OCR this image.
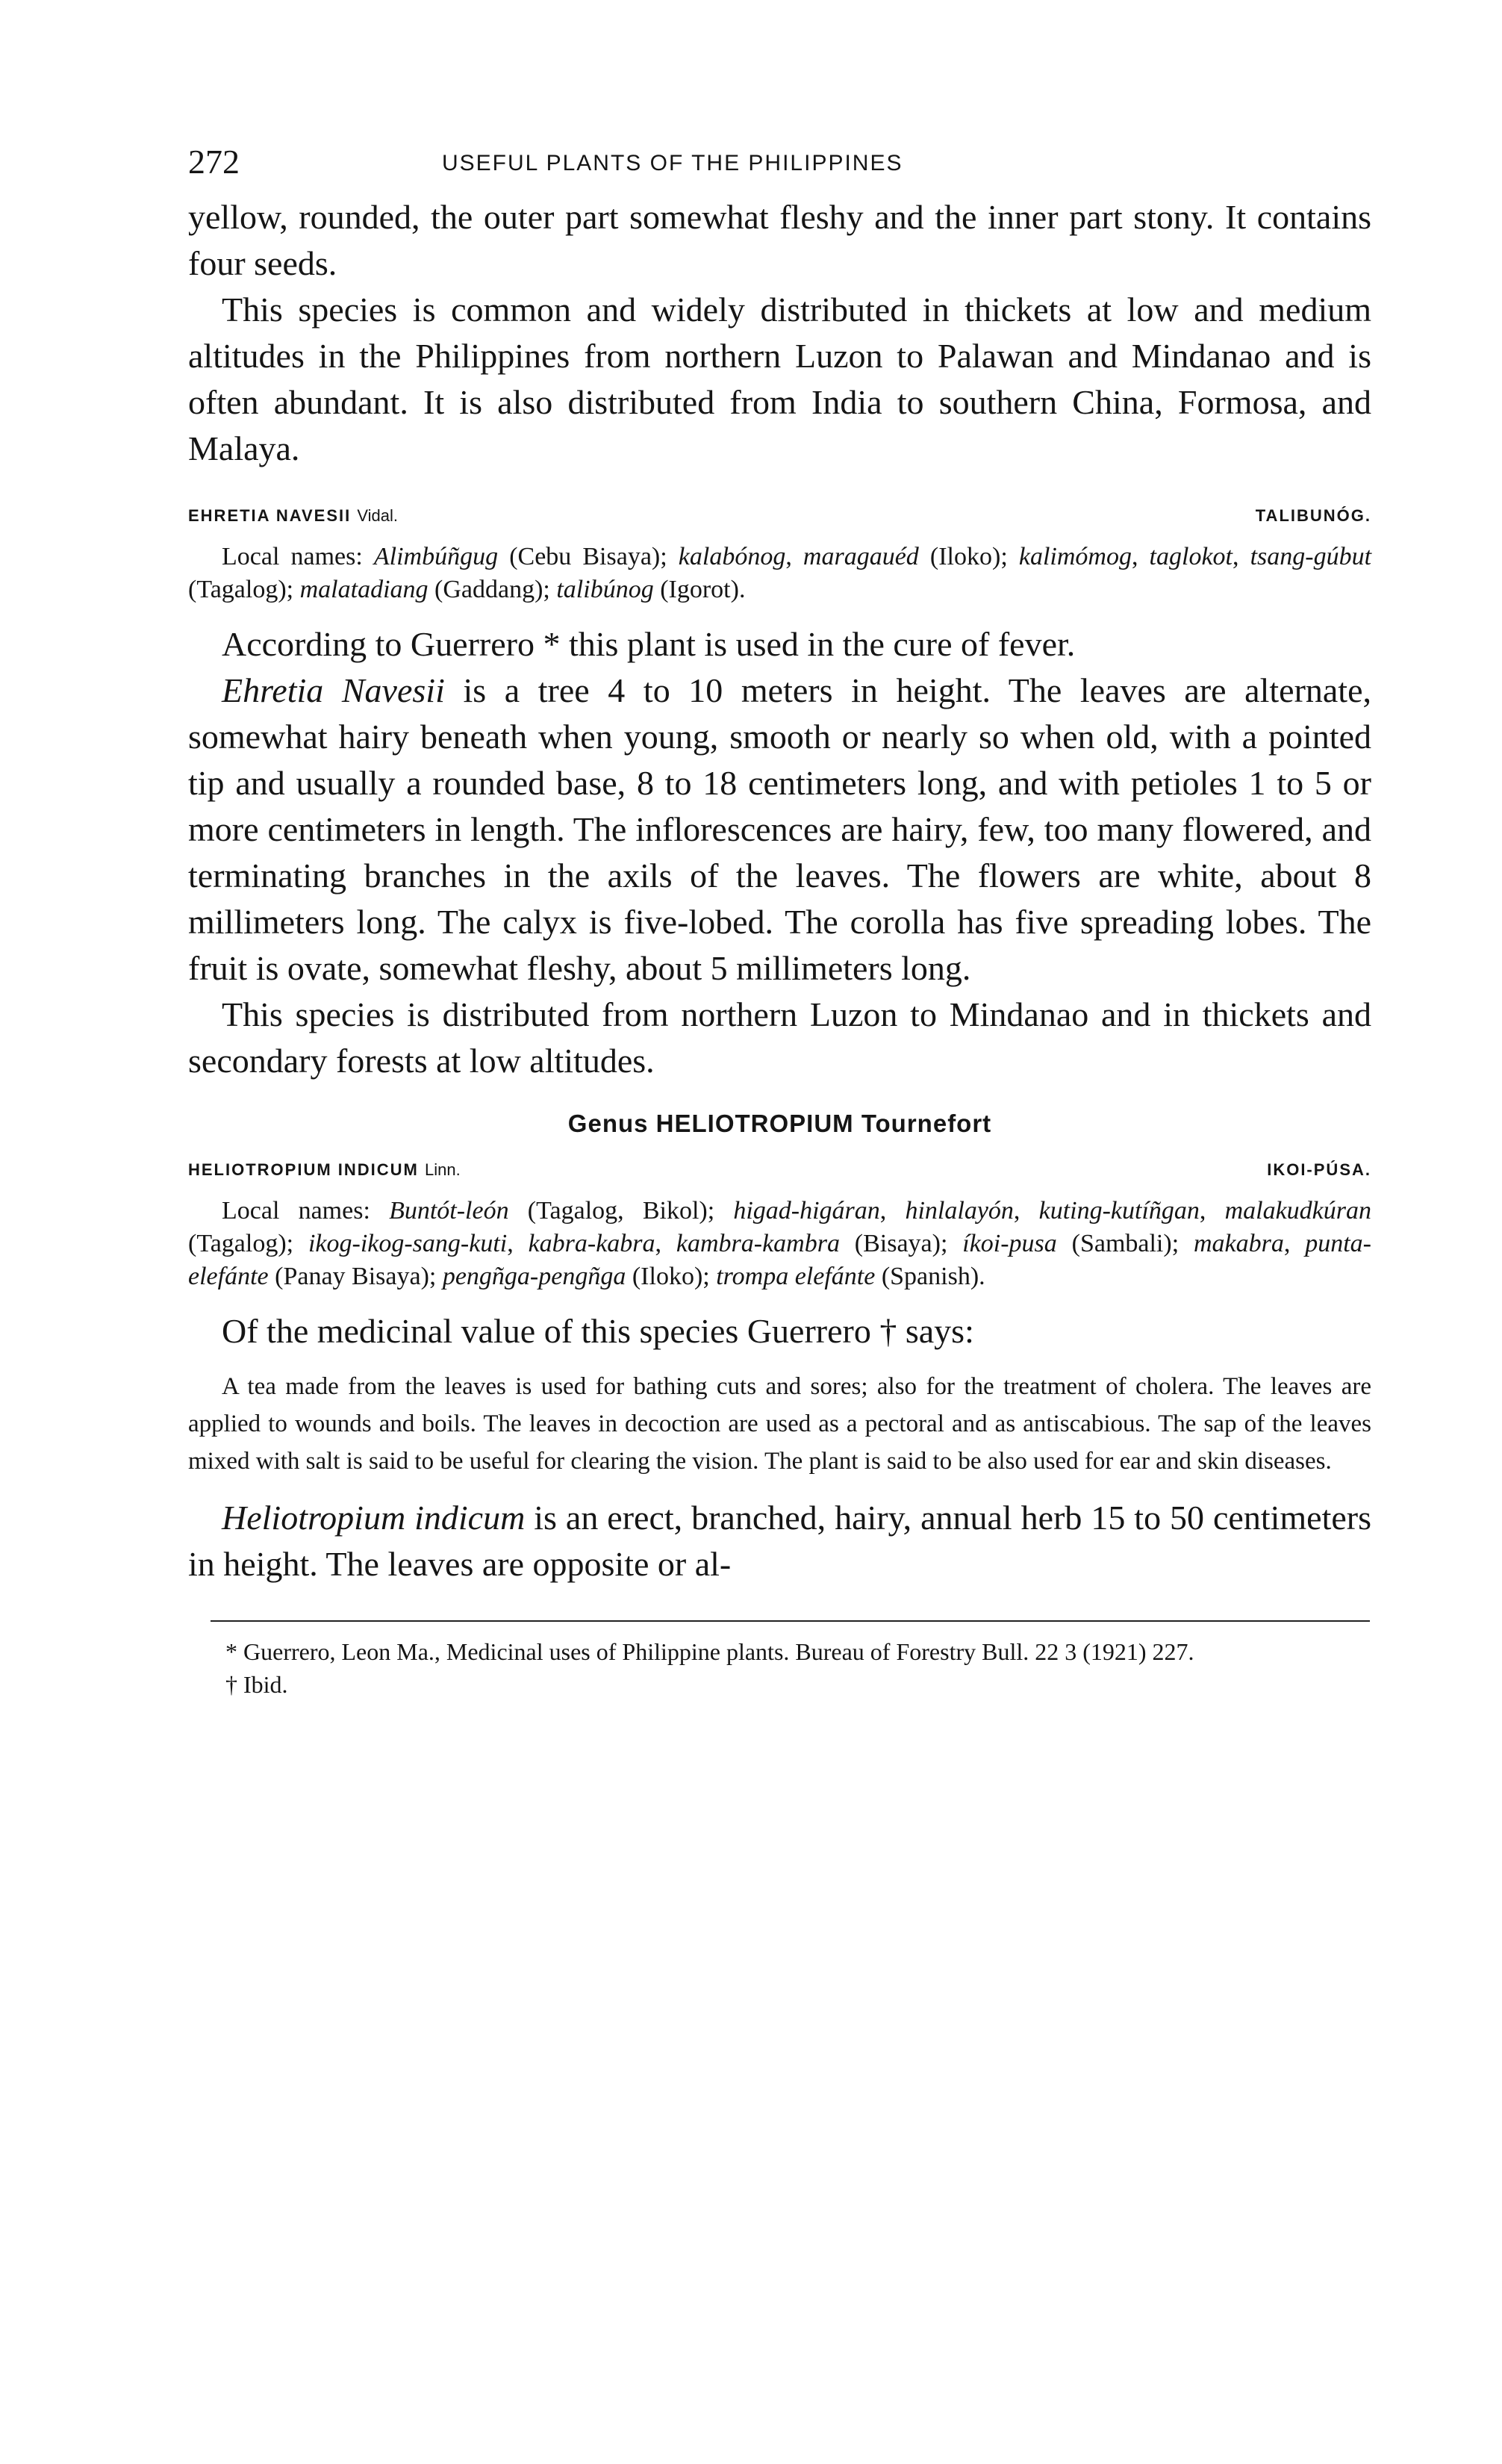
272	USEFUL PLANTS OF THE PHILIPPINES

yellow, rounded, the outer part somewhat fleshy and the inner part stony. It contains four seeds.

This species is common and widely distributed in thickets at low and medium altitudes in the Philippines from northern Luzon to Palawan and Mindanao and is often abundant. It is also distributed from India to southern China, Formosa, and Malaya.

EHRETIA NAVESII Vidal.	TALIBUNÓG.

Local names: Alimbúñgug (Cebu Bisaya); kalabónog, maragauéd (Iloko); kalimómog, taglokot, tsang-gúbut (Tagalog); malatadiang (Gaddang); talibúnog (Igorot).

According to Guerrero * this plant is used in the cure of fever.

Ehretia Navesii is a tree 4 to 10 meters in height. The leaves are alternate, somewhat hairy beneath when young, smooth or nearly so when old, with a pointed tip and usually a rounded base, 8 to 18 centimeters long, and with petioles 1 to 5 or more centimeters in length. The inflorescences are hairy, few, too many flowered, and terminating branches in the axils of the leaves. The flowers are white, about 8 millimeters long. The calyx is five-lobed. The corolla has five spreading lobes. The fruit is ovate, somewhat fleshy, about 5 millimeters long.

This species is distributed from northern Luzon to Mindanao and in thickets and secondary forests at low altitudes.

Genus HELIOTROPIUM Tournefort
HELIOTROPIUM INDICUM Linn.	IKOI-PÚSA.

Local names: Buntót-león (Tagalog, Bikol); higad-higáran, hinlalayón, kuting-kutíñgan, malakudkúran (Tagalog); ikog-ikog-sang-kuti, kabra-kabra, kambra-kambra (Bisaya); íkoi-pusa (Sambali); makabra, punta-elefánte (Panay Bisaya); pengñga-pengñga (Iloko); trompa elefánte (Spanish).

Of the medicinal value of this species Guerrero † says:

A tea made from the leaves is used for bathing cuts and sores; also for the treatment of cholera. The leaves are applied to wounds and boils. The leaves in decoction are used as a pectoral and as antiscabious. The sap of the leaves mixed with salt is said to be useful for clearing the vision. The plant is said to be also used for ear and skin diseases.

Heliotropium indicum is an erect, branched, hairy, annual herb 15 to 50 centimeters in height. The leaves are opposite or al-

* Guerrero, Leon Ma., Medicinal uses of Philippine plants. Bureau of Forestry Bull. 22 3 (1921) 227.

† Ibid.
